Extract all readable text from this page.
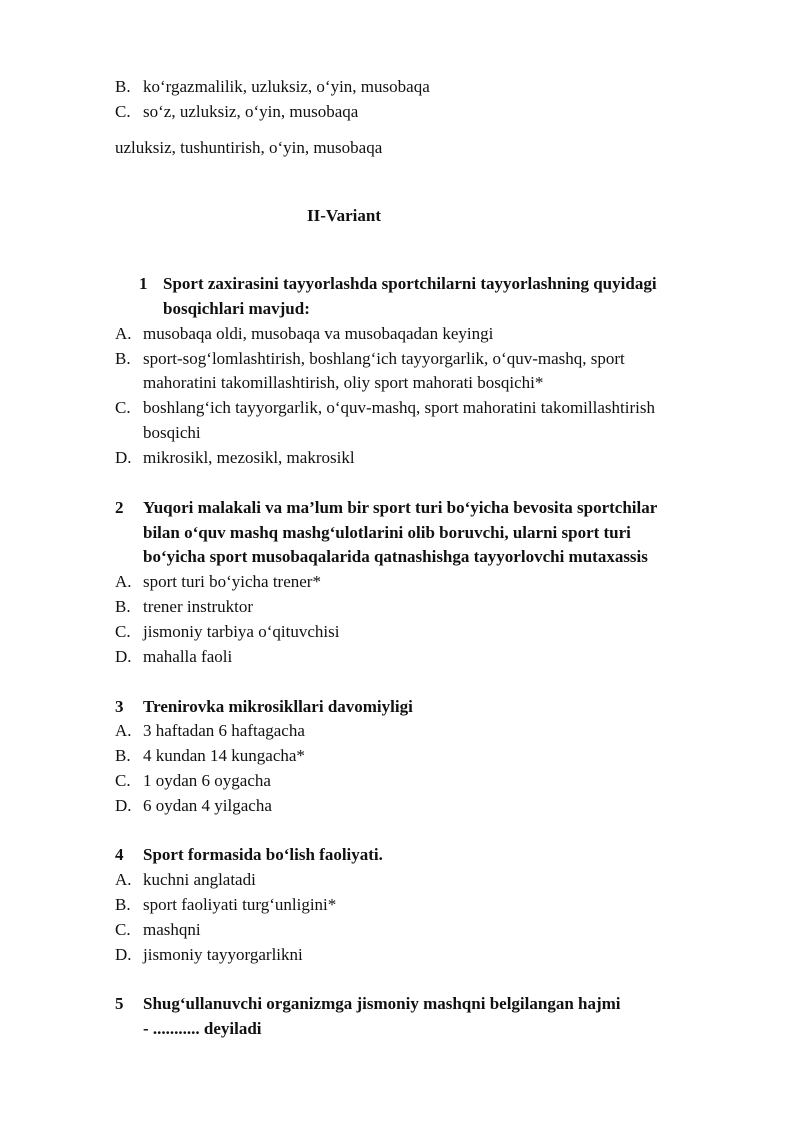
B. ko‘rgazmalilik, uzluksiz, o‘yin, musobaqa
C. so‘z, uzluksiz, o‘yin, musobaqa
uzluksiz, tushuntirish, o‘yin, musobaqa
II-Variant
1 Sport zaxirasini tayyorlashda sportchilarni tayyorlashning quyidagi
bosqichlari mavjud:
A. musobaqa oldi, musobaqa va musobaqadan keyingi
B. sport-sog‘lomlashtirish, boshlang‘ich tayyorgarlik, o‘quv-mashq, sport
mahoratini takomillashtirish, oliy sport mahorati bosqichi*
C. boshlang‘ich tayyorgarlik, o‘quv-mashq, sport mahoratini takomillashtirish
bosqichi
D. mikrosikl, mezosikl, makrosikl
2 Yuqori malakali va ma’lum bir sport turi bo‘yicha bevosita sportchilar
bilan o‘quv mashq mashg‘ulotlarini olib boruvchi, ularni sport turi
bo‘yicha sport musobaqalarida qatnashishga tayyorlovchi mutaxassis
A. sport turi bo‘yicha trener*
B. trener instruktor
C. jismoniy tarbiya o‘qituvchisi
D. mahalla faoli
3 Trenirovka mikrosikllari davomiyligi
A. 3 haftadan 6 haftagacha
B. 4 kundan 14 kungacha*
C. 1 oydan 6 oygacha
D. 6 oydan 4 yilgacha
4 Sport formasida bo‘lish faoliyati.
A. kuchni anglatadi
B. sport faoliyati turg‘unligini*
C. mashqni
D. jismoniy tayyorgarlikni
5 Shug‘ullanuvchi organizmga jismoniy mashqni belgilangan hajmi
- ........... deyiladi
